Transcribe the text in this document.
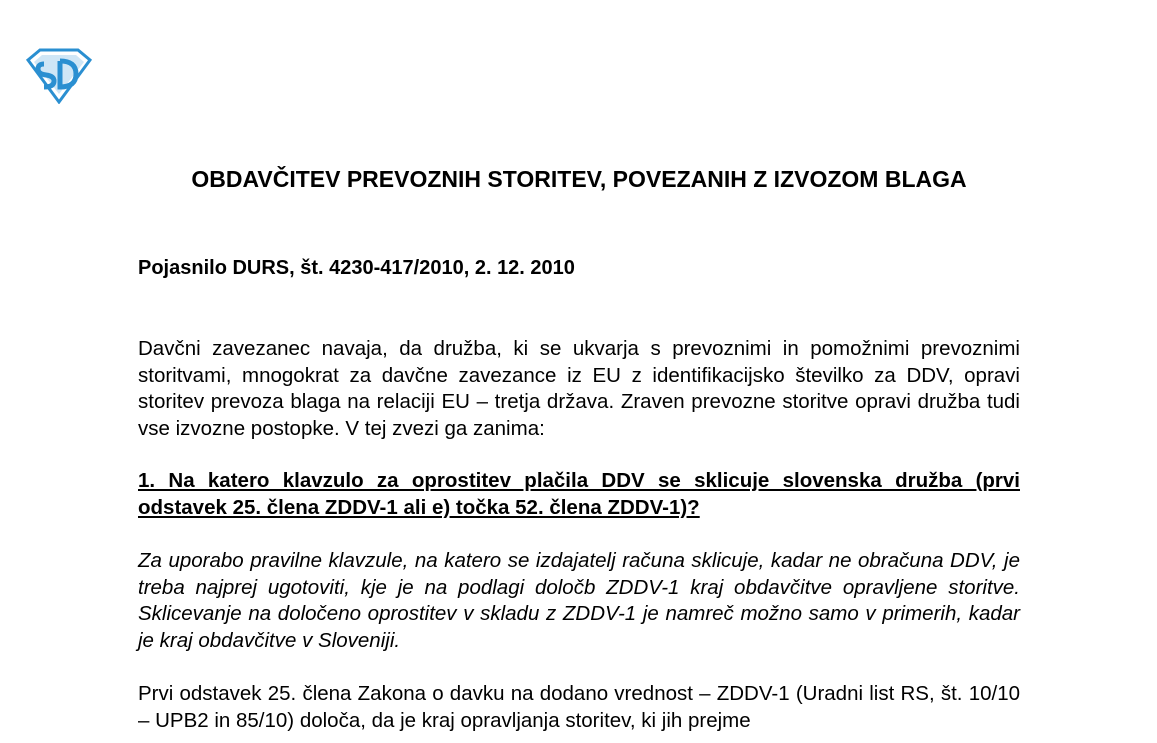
OBDAVČITEV PREVOZNIH STORITEV, POVEZANIH Z IZVOZOM BLAGA
Pojasnilo DURS, št. 4230-417/2010, 2. 12. 2010
Davčni zavezanec navaja, da družba, ki se ukvarja s prevoznimi in pomožnimi prevoznimi storitvami, mnogokrat za davčne zavezance iz EU z identifikacijsko številko za DDV, opravi storitev prevoza blaga na relaciji EU – tretja država. Zraven prevozne storitve opravi družba tudi vse izvozne postopke. V tej zvezi ga zanima:
1. Na katero klavzulo za oprostitev plačila DDV se sklicuje slovenska družba (prvi odstavek 25. člena ZDDV-1 ali e) točka 52. člena ZDDV-1)?
Za uporabo pravilne klavzule, na katero se izdajatelj računa sklicuje, kadar ne obračuna DDV, je treba najprej ugotoviti, kje je na podlagi določb ZDDV-1 kraj obdavčitve opravljene storitve. Sklicevanje na določeno oprostitev v skladu z ZDDV-1 je namreč možno samo v primerih, kadar je kraj obdavčitve v Sloveniji.
Prvi odstavek 25. člena Zakona o davku na dodano vrednost – ZDDV-1 (Uradni list RS, št. 10/10 – UPB2 in 85/10) določa, da je kraj opravljanja storitev, ki jih prejme
